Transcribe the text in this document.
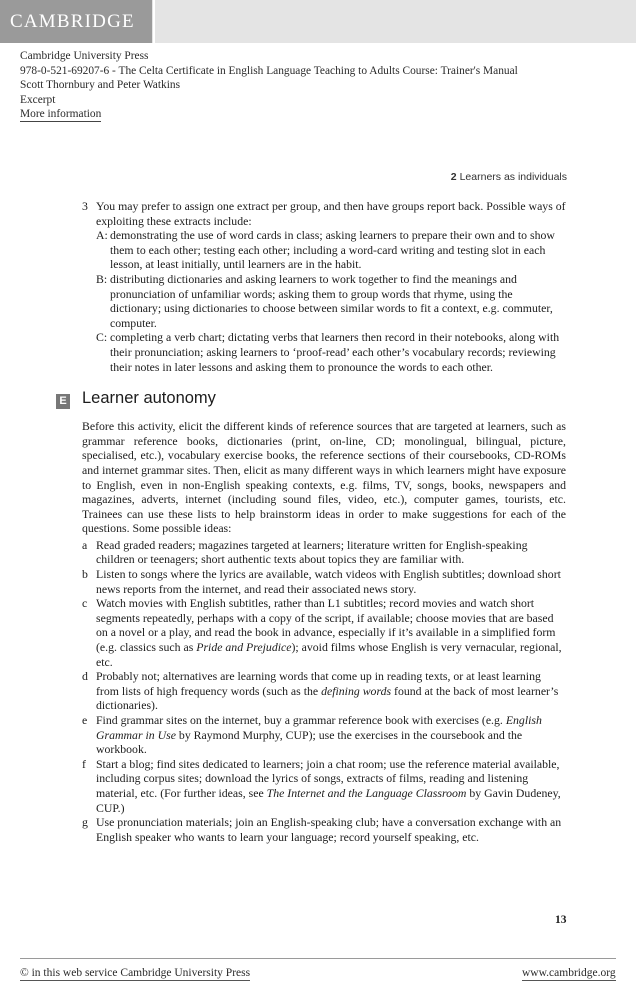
CAMBRIDGE
Cambridge University Press
978-0-521-69207-6 - The Celta Certificate in English Language Teaching to Adults Course: Trainer's Manual
Scott Thornbury and Peter Watkins
Excerpt
More information
2 Learners as individuals
3 You may prefer to assign one extract per group, and then have groups report back. Possible ways of exploiting these extracts include:

A: demonstrating the use of word cards in class; asking learners to prepare their own and to show them to each other; testing each other; including a word-card writing and testing slot in each lesson, at least initially, until learners are in the habit.

B: distributing dictionaries and asking learners to work together to find the meanings and pronunciation of unfamiliar words; asking them to group words that rhyme, using the dictionary; using dictionaries to choose between similar words to fit a context, e.g. commuter, computer.

C: completing a verb chart; dictating verbs that learners then record in their notebooks, along with their pronunciation; asking learners to ‘proof-read’ each other’s vocabulary records; reviewing their notes in later lessons and asking them to pronounce the words to each other.

E Learner autonomy

Before this activity, elicit the different kinds of reference sources that are targeted at learners, such as grammar reference books, dictionaries (print, on-line, CD; monolingual, bilingual, picture, specialised, etc.), vocabulary exercise books, the reference sections of their coursebooks, CD-ROMs and internet grammar sites. Then, elicit as many different ways in which learners might have exposure to English, even in non-English speaking contexts, e.g. films, TV, songs, books, newspapers and magazines, adverts, internet (including sound files, video, etc.), computer games, tourists, etc. Trainees can use these lists to help brainstorm ideas in order to make suggestions for each of the questions. Some possible ideas:

a Read graded readers; magazines targeted at learners; literature written for English-speaking children or teenagers; short authentic texts about topics they are familiar with.

b Listen to songs where the lyrics are available, watch videos with English subtitles; download short news reports from the internet, and read their associated news story.

c Watch movies with English subtitles, rather than L1 subtitles; record movies and watch short segments repeatedly, perhaps with a copy of the script, if available; choose movies that are based on a novel or a play, and read the book in advance, especially if it’s available in a simplified form (e.g. classics such as Pride and Prejudice); avoid films whose English is very vernacular, regional, etc.

d Probably not; alternatives are learning words that come up in reading texts, or at least learning from lists of high frequency words (such as the defining words found at the back of most learner’s dictionaries).

e Find grammar sites on the internet, buy a grammar reference book with exercises (e.g. English Grammar in Use by Raymond Murphy, CUP); use the exercises in the coursebook and the workbook.

f Start a blog; find sites dedicated to learners; join a chat room; use the reference material available, including corpus sites; download the lyrics of songs, extracts of films, reading and listening material, etc. (For further ideas, see The Internet and the Language Classroom by Gavin Dudeney, CUP.)

g Use pronunciation materials; join an English-speaking club; have a conversation exchange with an English speaker who wants to learn your language; record yourself speaking, etc.

13
© in this web service Cambridge University Press	www.cambridge.org
